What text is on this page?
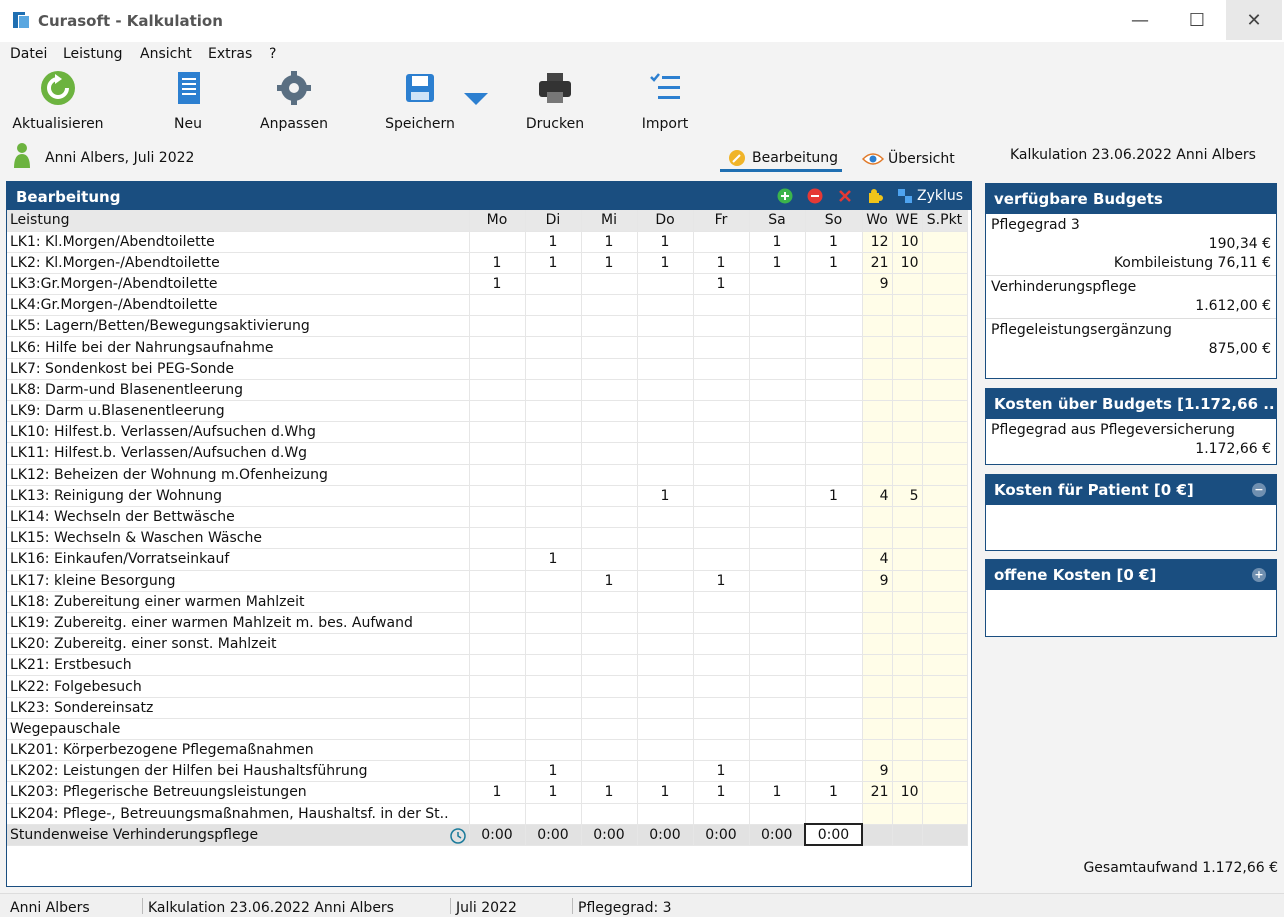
Curasoft - Kalkulation	—	☐	✕
Datei Leistung Ansicht Extras ?
Aktualisieren	Neu	Anpassen	Speichern	Drucken	Import
Anni Albers, Juli 2022	Bearbeitung	Übersicht	Kalkulation 23.06.2022 Anni Albers
Bearbeitung	Zyklus
Leistung	Mo	Di	Mi	Do	Fr	Sa	So	Wo	WE	S.Pkt
LK1: Kl.Morgen/Abendtoilette		1	1	1		1	1	12	10	
LK2: Kl.Morgen-/Abendtoilette	1	1	1	1	1	1	1	21	10	
LK3:Gr.Morgen-/Abendtoilette	1				1			9		
LK4:Gr.Morgen-/Abendtoilette										
LK5: Lagern/Betten/Bewegungsaktivierung										
LK6: Hilfe bei der Nahrungsaufnahme										
LK7: Sondenkost bei PEG-Sonde										
LK8: Darm-und Blasenentleerung										
LK9: Darm u.Blasenentleerung										
LK10: Hilfest.b. Verlassen/Aufsuchen d.Whg										
LK11: Hilfest.b. Verlassen/Aufsuchen d.Wg										
LK12: Beheizen der Wohnung m.Ofenheizung										
LK13: Reinigung der Wohnung				1			1	4	5	
LK14: Wechseln der Bettwäsche										
LK15: Wechseln & Waschen Wäsche										
LK16: Einkaufen/Vorratseinkauf		1						4		
LK17: kleine Besorgung			1		1			9		
LK18: Zubereitung einer warmen Mahlzeit										
LK19: Zubereitg. einer warmen Mahlzeit m. bes. Aufwand										
LK20: Zubereitg. einer sonst. Mahlzeit										
LK21: Erstbesuch										
LK22: Folgebesuch										
LK23: Sondereinsatz										
Wegepauschale										
LK201: Körperbezogene Pflegemaßnahmen										
LK202: Leistungen der Hilfen bei Haushaltsführung		1			1			9		
LK203: Pflegerische Betreuungsleistungen	1	1	1	1	1	1	1	21	10	
LK204: Pflege-, Betreuungsmaßnahmen, Haushaltsf. in der St..										
Stundenweise Verhinderungspflege	0:00	0:00	0:00	0:00	0:00	0:00	0:00			
verfügbare Budgets
Pflegegrad 3
190,34 €
Kombileistung 76,11 €
Verhinderungspflege
1.612,00 €
Pflegeleistungsergänzung
875,00 €
Kosten über Budgets [1.172,66 ..
Pflegegrad aus Pflegeversicherung
1.172,66 €
Kosten für Patient [0 €]	−
offene Kosten [0 €]	+
Gesamtaufwand 1.172,66 €
Anni Albers	Kalkulation 23.06.2022 Anni Albers	Juli 2022	Pflegegrad: 3
